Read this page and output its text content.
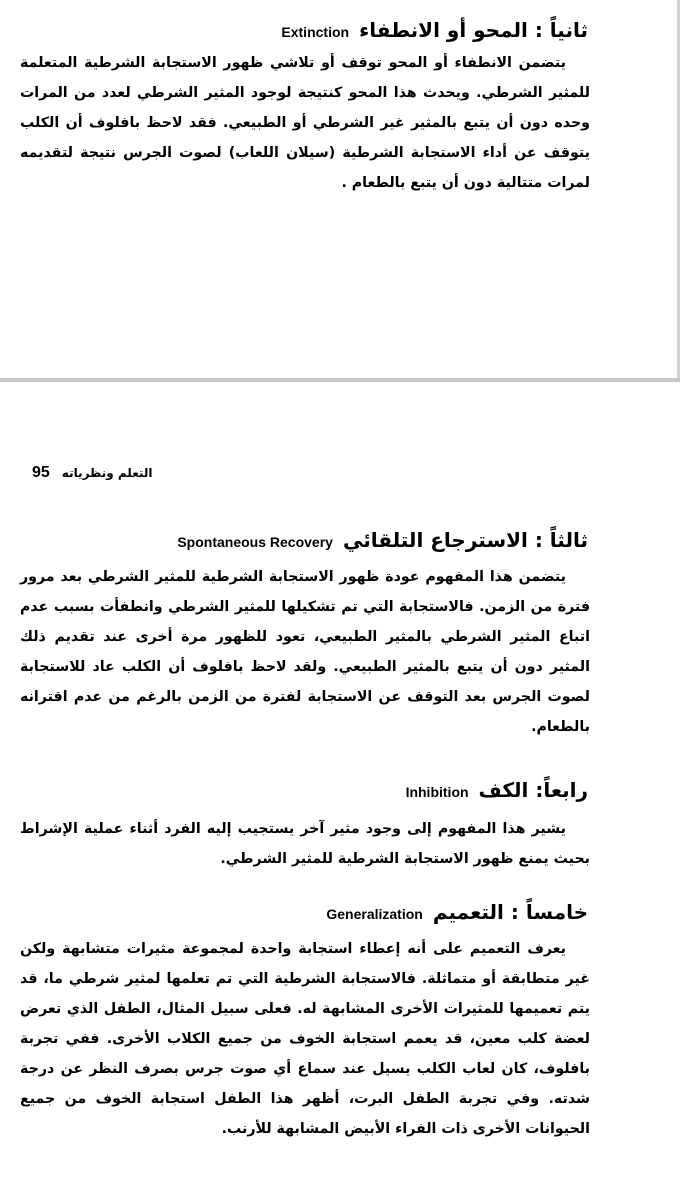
ثانياً : المحو أو الانطفاء
Extinction

يتضمن الانطفاء أو المحو توقف أو تلاشي ظهور الاستجابة الشرطية المتعلمة للمثير الشرطي. ويحدث هذا المحو كنتيجة لوجود المثير الشرطي لعدد من المرات وحده دون أن يتبع بالمثير غير الشرطي أو الطبيعي. فقد لاحظ بافلوف أن الكلب يتوقف عن أداء الاستجابة الشرطية (سيلان اللعاب) لصوت الجرس نتيجة لتقديمه لمرات متتالية دون أن يتبع بالطعام .

95 التعلم ونظرياته
ثالثاً : الاسترجاع التلقائي
Spontaneous Recovery

يتضمن هذا المفهوم عودة ظهور الاستجابة الشرطية للمثير الشرطي بعد مرور فترة من الزمن. فالاستجابة التي تم تشكيلها للمثير الشرطي وانطفأت بسبب عدم اتباع المثير الشرطي بالمثير الطبيعي، تعود للظهور مرة أخرى عند تقديم ذلك المثير دون أن يتبع بالمثير الطبيعي. ولقد لاحظ بافلوف أن الكلب عاد للاستجابة لصوت الجرس بعد التوقف عن الاستجابة لفترة من الزمن بالرغم من عدم اقترانه بالطعام.

رابعاً: الكف
Inhibition

يشير هذا المفهوم إلى وجود مثير آخر يستجيب إليه الفرد أثناء عملية الإشراط بحيث يمنع ظهور الاستجابة الشرطية للمثير الشرطي.

خامساً : التعميم
Generalization

يعرف التعميم على أنه إعطاء استجابة واحدة لمجموعة مثيرات متشابهة ولكن غير متطابقة أو متماثلة. فالاستجابة الشرطية التي تم تعلمها لمثير شرطي ما، قد يتم تعميمها للمثيرات الأخرى المشابهة له. فعلى سبيل المثال، الطفل الذي تعرض لعضة كلب معين، قد يعمم استجابة الخوف من جميع الكلاب الأخرى. ففي تجربة بافلوف، كان لعاب الكلب يسيل عند سماع أي صوت جرس بصرف النظر عن درجة شدته. وفي تجربة الطفل البرت، أظهر هذا الطفل استجابة الخوف من جميع الحيوانات الأخرى ذات الفراء الأبيض المشابهة للأرنب.
